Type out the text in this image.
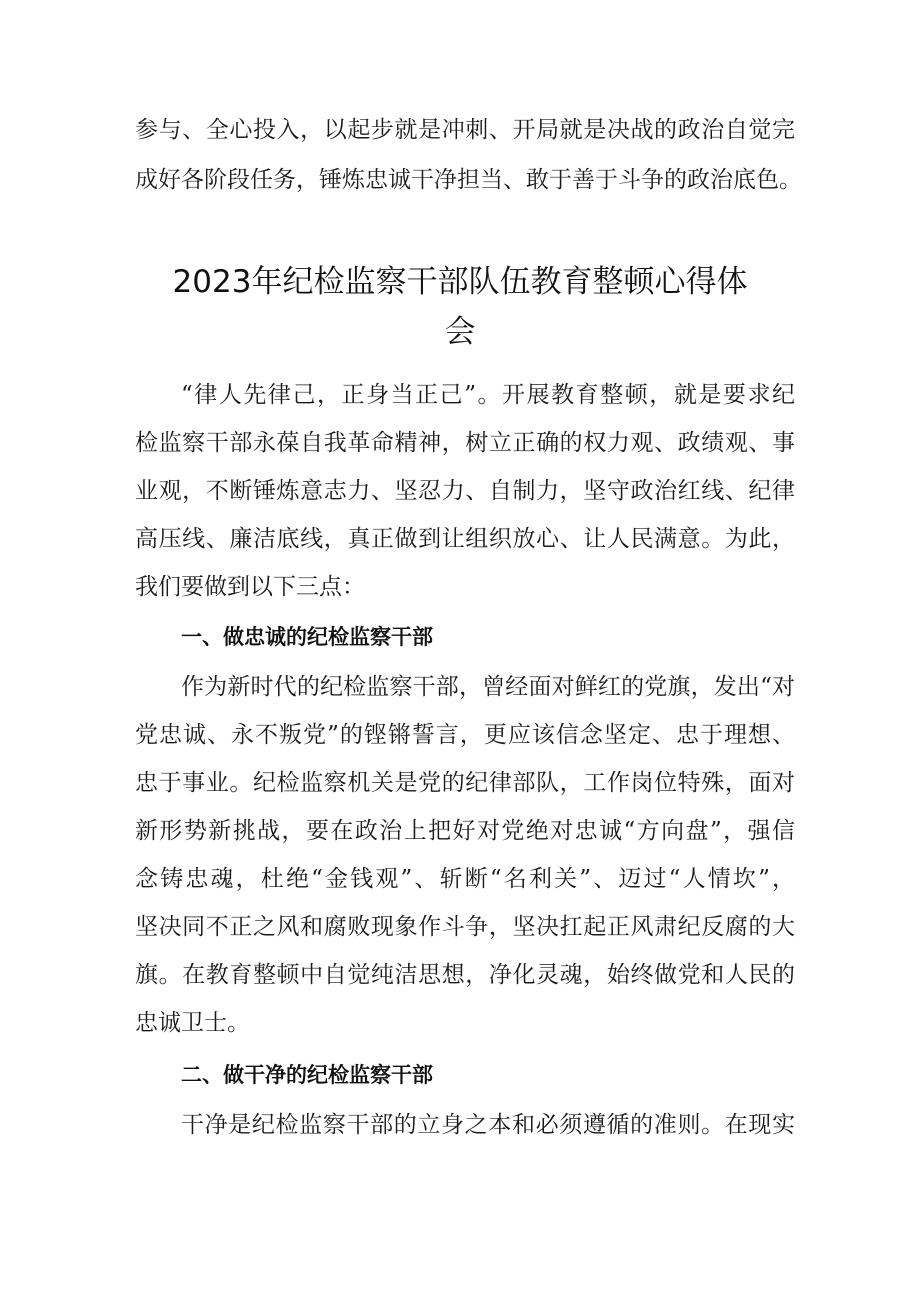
参与、全心投入，以起步就是冲刺、开局就是决战的政治自觉完
成好各阶段任务，锤炼忠诚干净担当、敢于善于斗争的政治底色。
2023年纪检监察干部队伍教育整顿心得体
会
“律人先律己，正身当正己”。开展教育整顿，就是要求纪
检监察干部永葆自我革命精神，树立正确的权力观、政绩观、事
业观，不断锤炼意志力、坚忍力、自制力，坚守政治红线、纪律
高压线、廉洁底线，真正做到让组织放心、让人民满意。为此，
我们要做到以下三点：
一、做忠诚的纪检监察干部
作为新时代的纪检监察干部，曾经面对鲜红的党旗，发出“对
党忠诚、永不叛党”的铿锵誓言，更应该信念坚定、忠于理想、
忠于事业。纪检监察机关是党的纪律部队，工作岗位特殊，面对
新形势新挑战，要在政治上把好对党绝对忠诚“方向盘”，强信
念铸忠魂，杜绝“金钱观”、斩断“名利关”、迈过“人情坎”，
坚决同不正之风和腐败现象作斗争，坚决扛起正风肃纪反腐的大
旗。在教育整顿中自觉纯洁思想，净化灵魂，始终做党和人民的
忠诚卫士。
二、做干净的纪检监察干部
干净是纪检监察干部的立身之本和必须遵循的准则。在现实
